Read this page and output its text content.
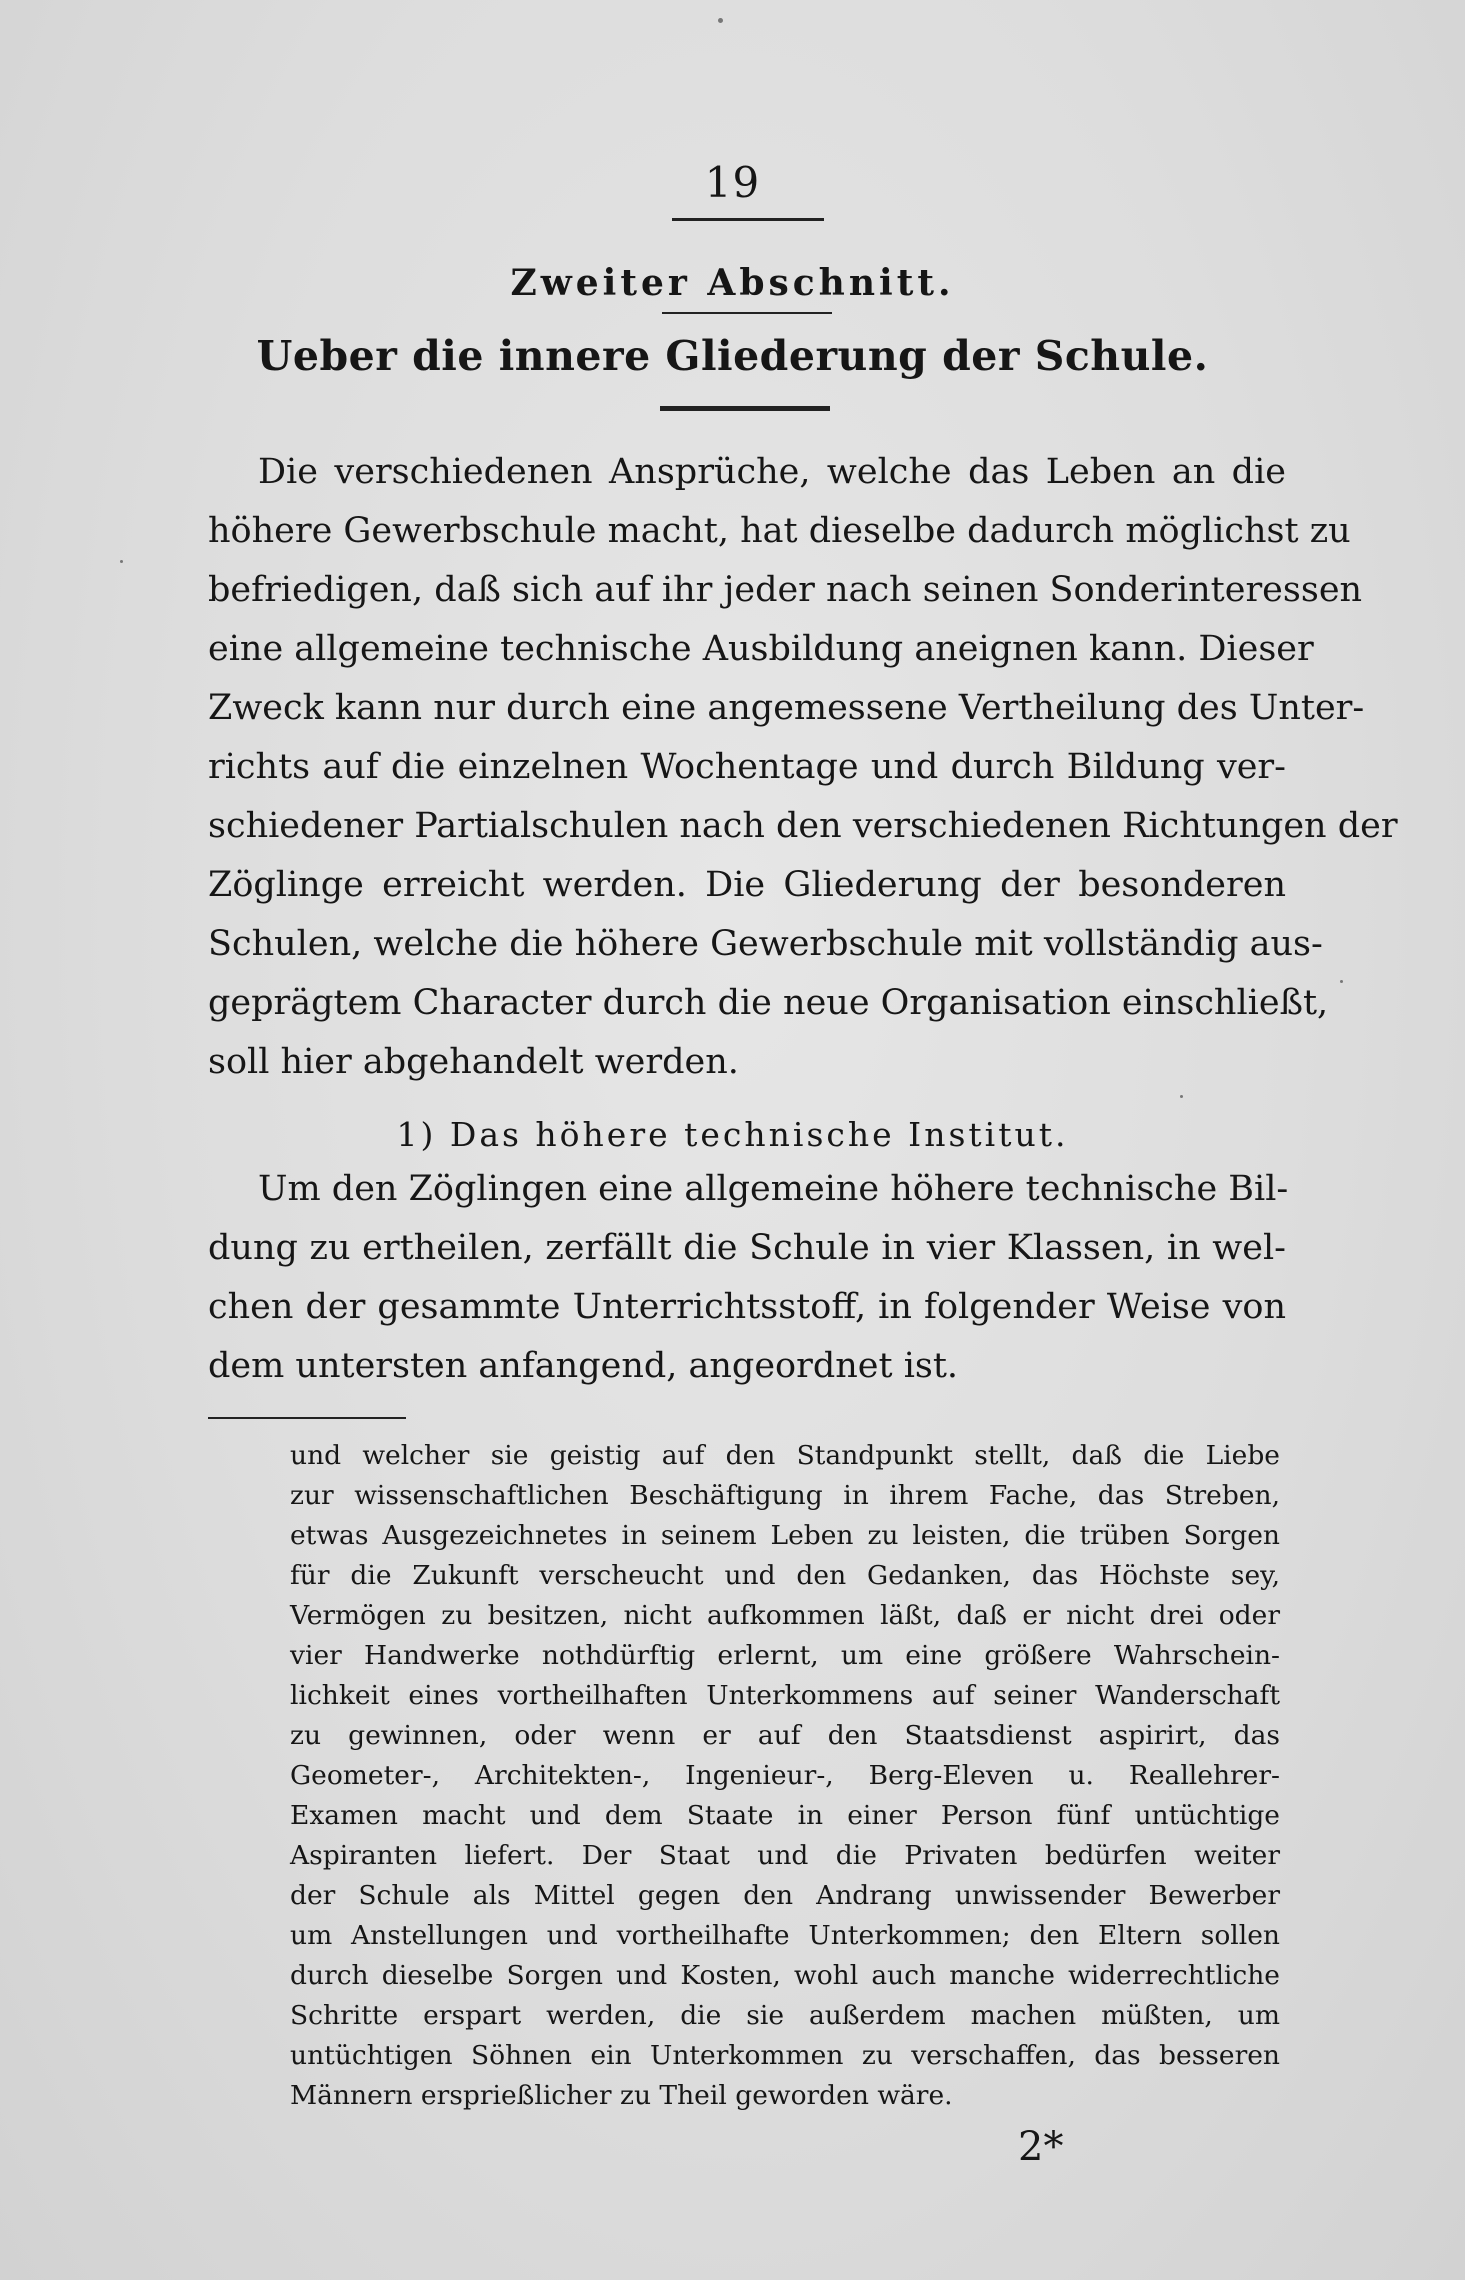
19
Zweiter Abschnitt.
Ueber die innere Gliederung der Schule.
Die verschiedenen Ansprüche, welche das Leben an die
höhere Gewerbschule macht, hat dieselbe dadurch möglichst zu
befriedigen, daß sich auf ihr jeder nach seinen Sonderinteressen
eine allgemeine technische Ausbildung aneignen kann. Dieser
Zweck kann nur durch eine angemessene Vertheilung des Unter-
richts auf die einzelnen Wochentage und durch Bildung ver-
schiedener Partialschulen nach den verschiedenen Richtungen der
Zöglinge erreicht werden. Die Gliederung der besonderen
Schulen, welche die höhere Gewerbschule mit vollständig aus-
geprägtem Character durch die neue Organisation einschließt,
soll hier abgehandelt werden.
1) Das höhere technische Institut.
Um den Zöglingen eine allgemeine höhere technische Bil-
dung zu ertheilen, zerfällt die Schule in vier Klassen, in wel-
chen der gesammte Unterrichtsstoff, in folgender Weise von
dem untersten anfangend, angeordnet ist.
und welcher sie geistig auf den Standpunkt stellt, daß die Liebe
zur wissenschaftlichen Beschäftigung in ihrem Fache, das Streben,
etwas Ausgezeichnetes in seinem Leben zu leisten, die trüben Sorgen
für die Zukunft verscheucht und den Gedanken, das Höchste sey,
Vermögen zu besitzen, nicht aufkommen läßt, daß er nicht drei oder
vier Handwerke nothdürftig erlernt, um eine größere Wahrschein-
lichkeit eines vortheilhaften Unterkommens auf seiner Wanderschaft
zu gewinnen, oder wenn er auf den Staatsdienst aspirirt, das
Geometer-, Architekten-, Ingenieur-, Berg-Eleven u. Reallehrer-
Examen macht und dem Staate in einer Person fünf untüchtige
Aspiranten liefert. Der Staat und die Privaten bedürfen weiter
der Schule als Mittel gegen den Andrang unwissender Bewerber
um Anstellungen und vortheilhafte Unterkommen; den Eltern sollen
durch dieselbe Sorgen und Kosten, wohl auch manche widerrechtliche
Schritte erspart werden, die sie außerdem machen müßten, um
untüchtigen Söhnen ein Unterkommen zu verschaffen, das besseren
Männern ersprießlicher zu Theil geworden wäre.
2*
